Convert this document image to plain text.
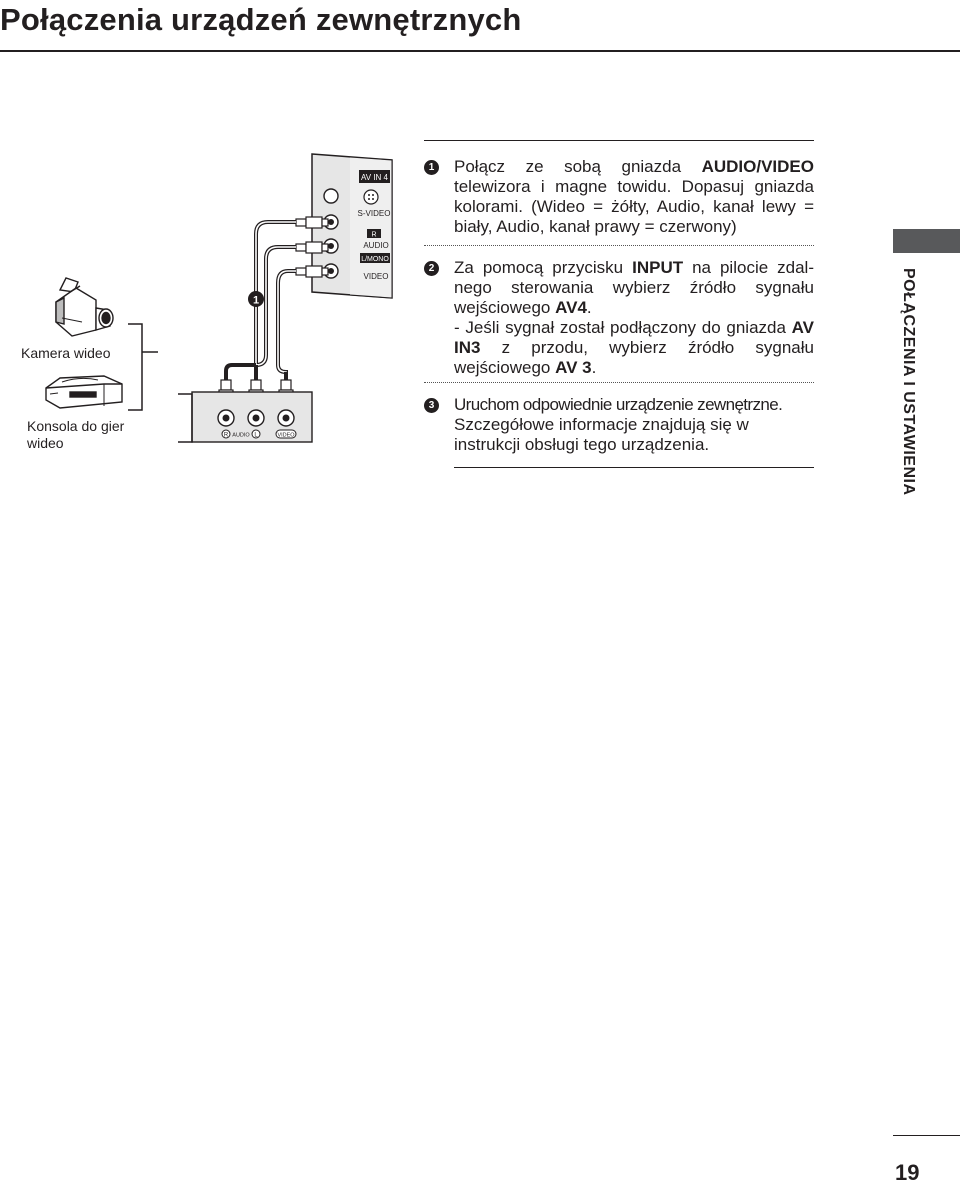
Połączenia urządzeń zewnętrznych
AV IN 4
S-VIDEO
R
AUDIO
L/MONO
VIDEO
R AUDIO L	VIDEO
1
Kamera wideo
Konsola do gier
wideo
1 Połącz ze sobą gniazda AUDIO/VIDEO telewizora i magne towidu. Dopasuj gniazda kolorami. (Wideo = żółty, Audio, kanał lewy = biały, Audio, kanał prawy = czerwony)
2 Za pomocą przycisku INPUT na pilocie zdal-nego sterowania wybierz źródło sygnału wejściowego AV4.
- Jeśli sygnał został podłączony do gniazda AV IN3 z przodu, wybierz źródło sygnału wejściowego AV 3.
3 Uruchom odpowiednie urządzenie zewnętrzne.
Szczegółowe informacje znajdują się w instrukcji obsługi tego urządzenia.	POŁĄCZENIA I USTAWIENIA
19
